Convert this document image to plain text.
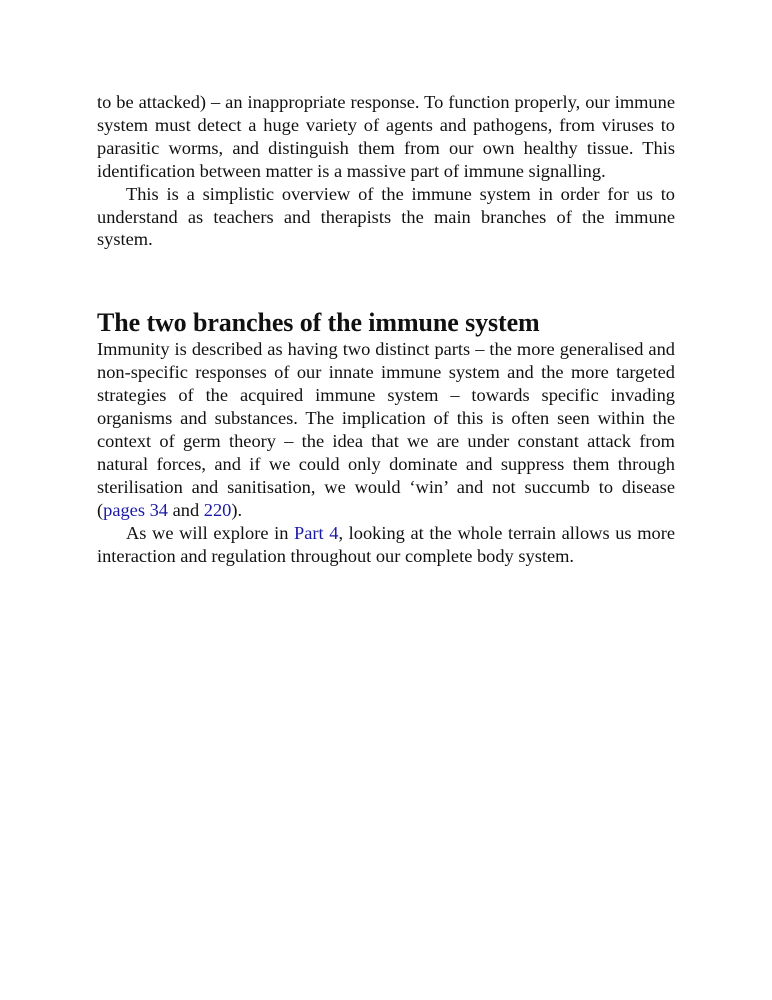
to be attacked) – an inappropriate response. To function properly, our immune system must detect a huge variety of agents and pathogens, from viruses to parasitic worms, and distinguish them from our own healthy tissue. This identification between matter is a massive part of immune signalling.

This is a simplistic overview of the immune system in order for us to understand as teachers and therapists the main branches of the immune system.

The two branches of the immune system

Immunity is described as having two distinct parts – the more generalised and non-specific responses of our innate immune system and the more targeted strategies of the acquired immune system – towards specific invading organisms and substances. The implication of this is often seen within the context of germ theory – the idea that we are under constant attack from natural forces, and if we could only dominate and suppress them through sterilisation and sanitisation, we would ‘win’ and not succumb to disease (pages 34 and 220).

As we will explore in Part 4, looking at the whole terrain allows us more interaction and regulation throughout our complete body system.
